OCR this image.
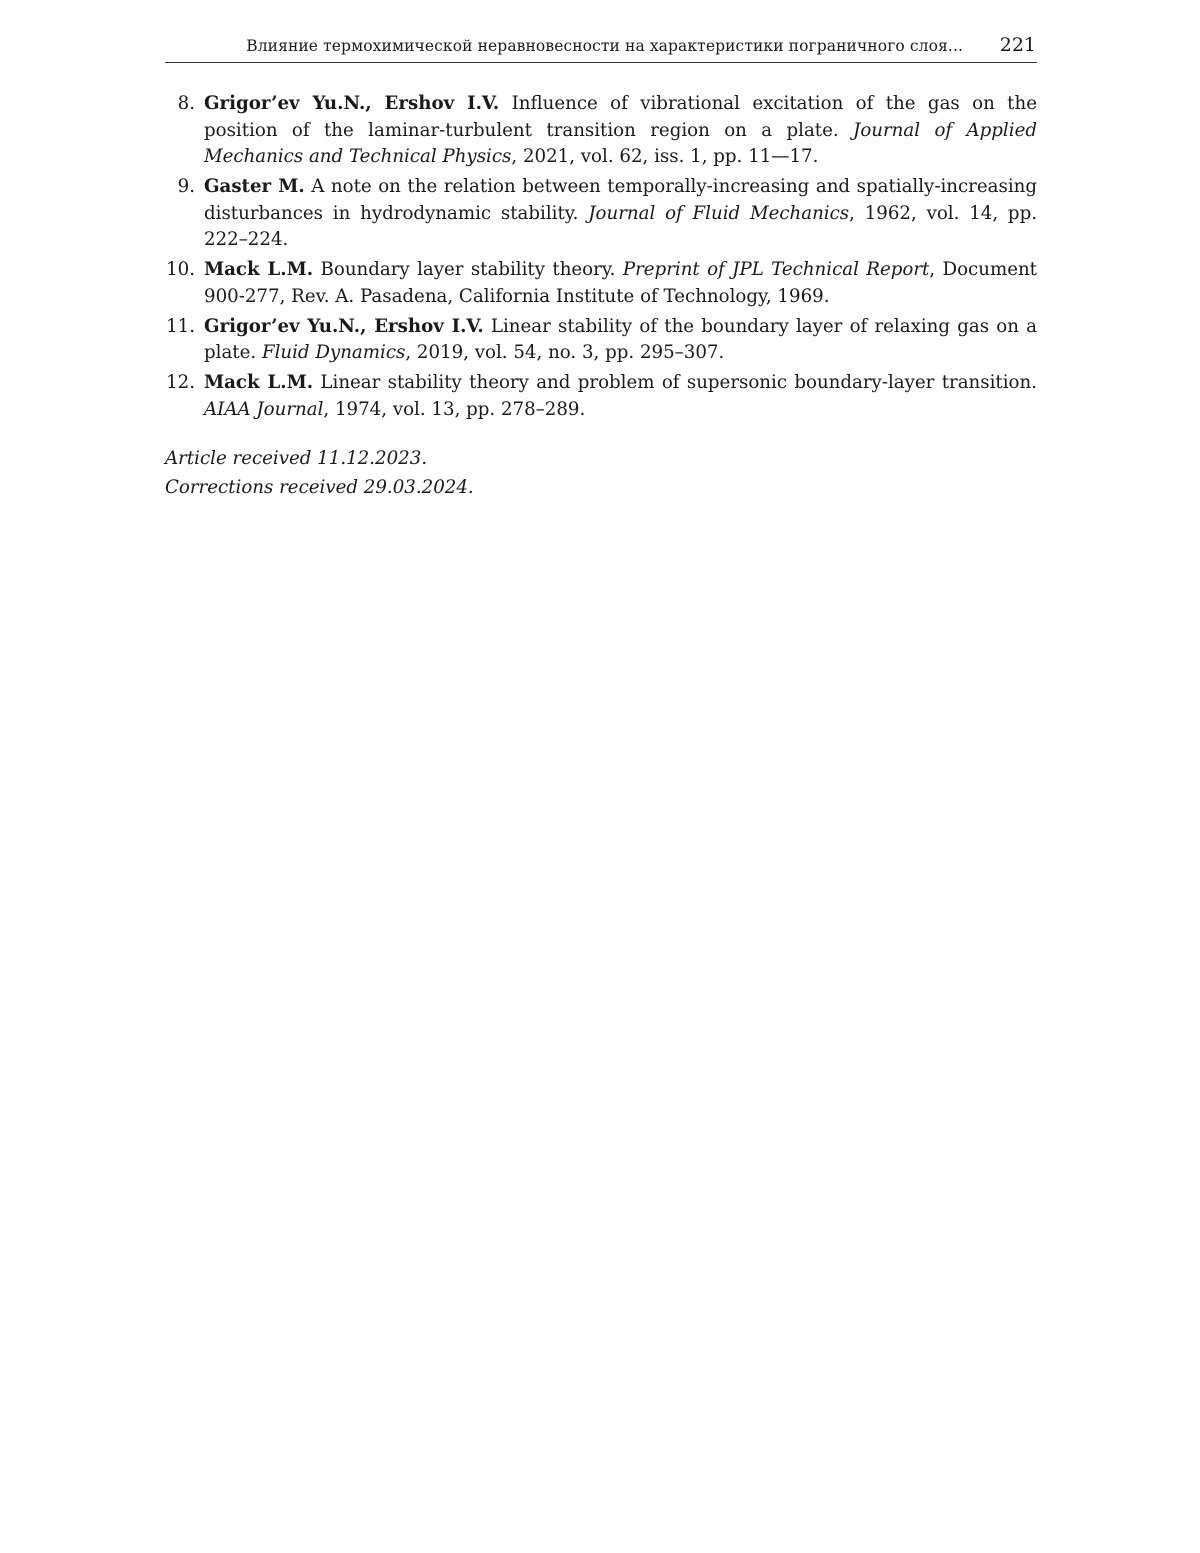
Влияние термохимической неравновесности на характеристики пограничного слоя... 221
8. Grigor’ev Yu.N., Ershov I.V. Influence of vibrational excitation of the gas on the position of the laminar-turbulent transition region on a plate. Journal of Applied Mechanics and Technical Physics, 2021, vol. 62, iss. 1, pp. 11—17.
9. Gaster M. A note on the relation between temporally-increasing and spatially-increasing disturbances in hydrodynamic stability. Journal of Fluid Mechanics, 1962, vol. 14, pp. 222–224.
10. Mack L.M. Boundary layer stability theory. Preprint of JPL Technical Report, Document 900-277, Rev. A. Pasadena, California Institute of Technology, 1969.
11. Grigor’ev Yu.N., Ershov I.V. Linear stability of the boundary layer of relaxing gas on a plate. Fluid Dynamics, 2019, vol. 54, no. 3, pp. 295–307.
12. Mack L.M. Linear stability theory and problem of supersonic boundary-layer transition. AIAA Journal, 1974, vol. 13, pp. 278–289.
Article received 11.12.2023.
Corrections received 29.03.2024.
